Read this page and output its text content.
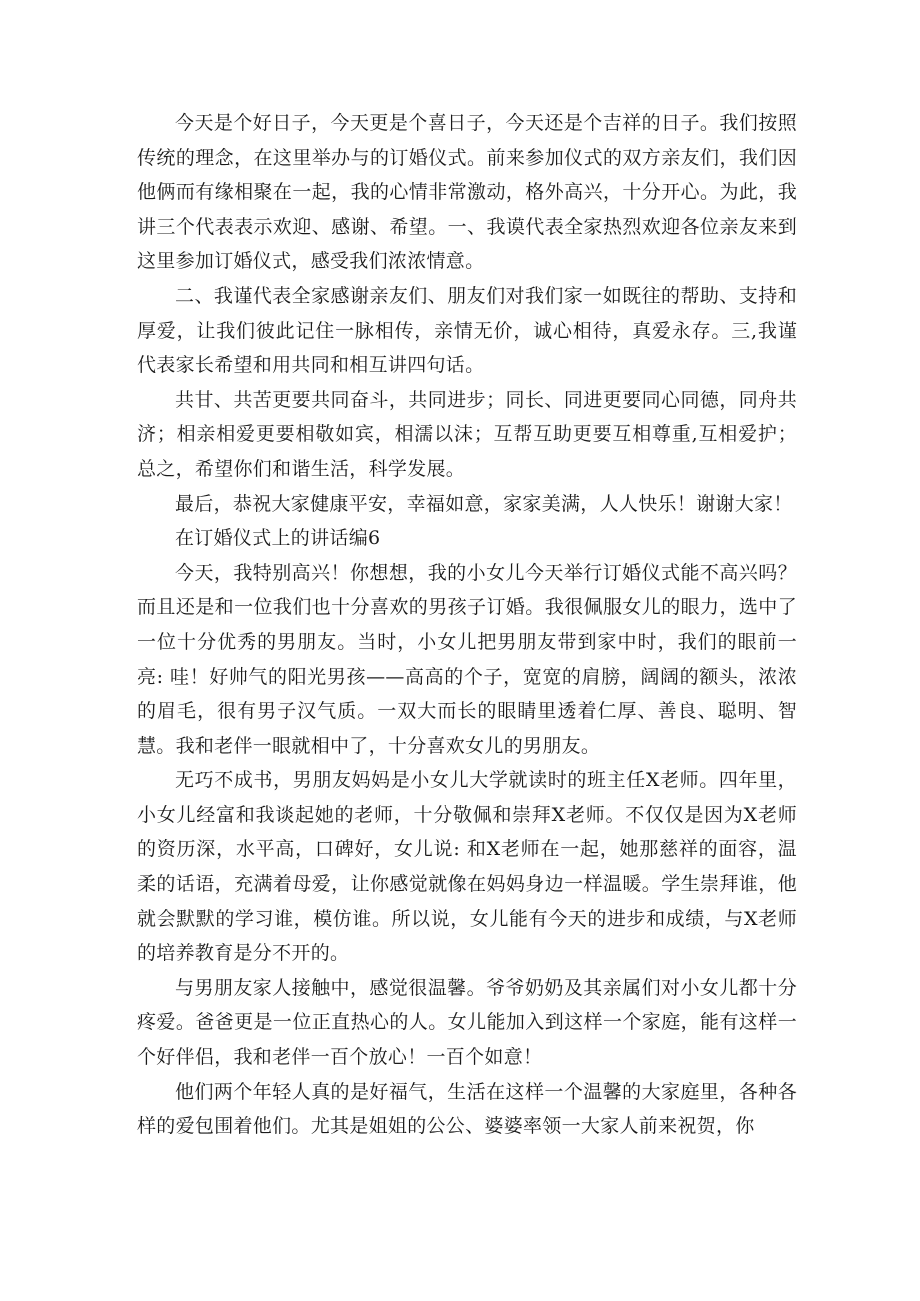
今天是个好日子，今天更是个喜日子，今天还是个吉祥的日子。我们按照传统的理念，在这里举办与的订婚仪式。前来参加仪式的双方亲友们，我们因他俩而有缘相聚在一起，我的心情非常激动，格外高兴，十分开心。为此，我讲三个代表表示欢迎、感谢、希望。一、我谟代表全家热烈欢迎各位亲友来到这里参加订婚仪式，感受我们浓浓情意。

二、我谨代表全家感谢亲友们、朋友们对我们家一如既往的帮助、支持和厚爱，让我们彼此记住一脉相传，亲情无价，诚心相待，真爱永存。三,我谨代表家长希望和用共同和相互讲四句话。

共甘、共苦更要共同奋斗，共同进步；同长、同进更要同心同德，同舟共济；相亲相爱更要相敬如宾，相濡以沫；互帮互助更要互相尊重,互相爱护；总之，希望你们和谐生活，科学发展。

最后，恭祝大家健康平安，幸福如意，家家美满，人人快乐！谢谢大家！

在订婚仪式上的讲话编6

今天，我特别高兴！你想想，我的小女儿今天举行订婚仪式能不高兴吗？而且还是和一位我们也十分喜欢的男孩子订婚。我很佩服女儿的眼力，选中了一位十分优秀的男朋友。当时，小女儿把男朋友带到家中时，我们的眼前一亮: 哇！好帅气的阳光男孩——高高的个子，宽宽的肩膀，阔阔的额头，浓浓的眉毛，很有男子汉气质。一双大而长的眼睛里透着仁厚、善良、聪明、智慧。我和老伴一眼就相中了，十分喜欢女儿的男朋友。

无巧不成书，男朋友妈妈是小女儿大学就读时的班主任X老师。四年里，小女儿经富和我谈起她的老师，十分敬佩和崇拜X老师。不仅仅是因为X老师的资历深，水平高，口碑好，女儿说: 和X老师在一起，她那慈祥的面容，温柔的话语，充满着母爱，让你感觉就像在妈妈身边一样温暖。学生崇拜谁，他就会默默的学习谁，模仿谁。所以说，女儿能有今天的进步和成绩，与X老师的培养教育是分不开的。

与男朋友家人接触中，感觉很温馨。爷爷奶奶及其亲属们对小女儿都十分疼爱。爸爸更是一位正直热心的人。女儿能加入到这样一个家庭，能有这样一个好伴侣，我和老伴一百个放心！一百个如意！

他们两个年轻人真的是好福气，生活在这样一个温馨的大家庭里，各种各样的爱包围着他们。尤其是姐姐的公公、婆婆率领一大家人前来祝贺，你
